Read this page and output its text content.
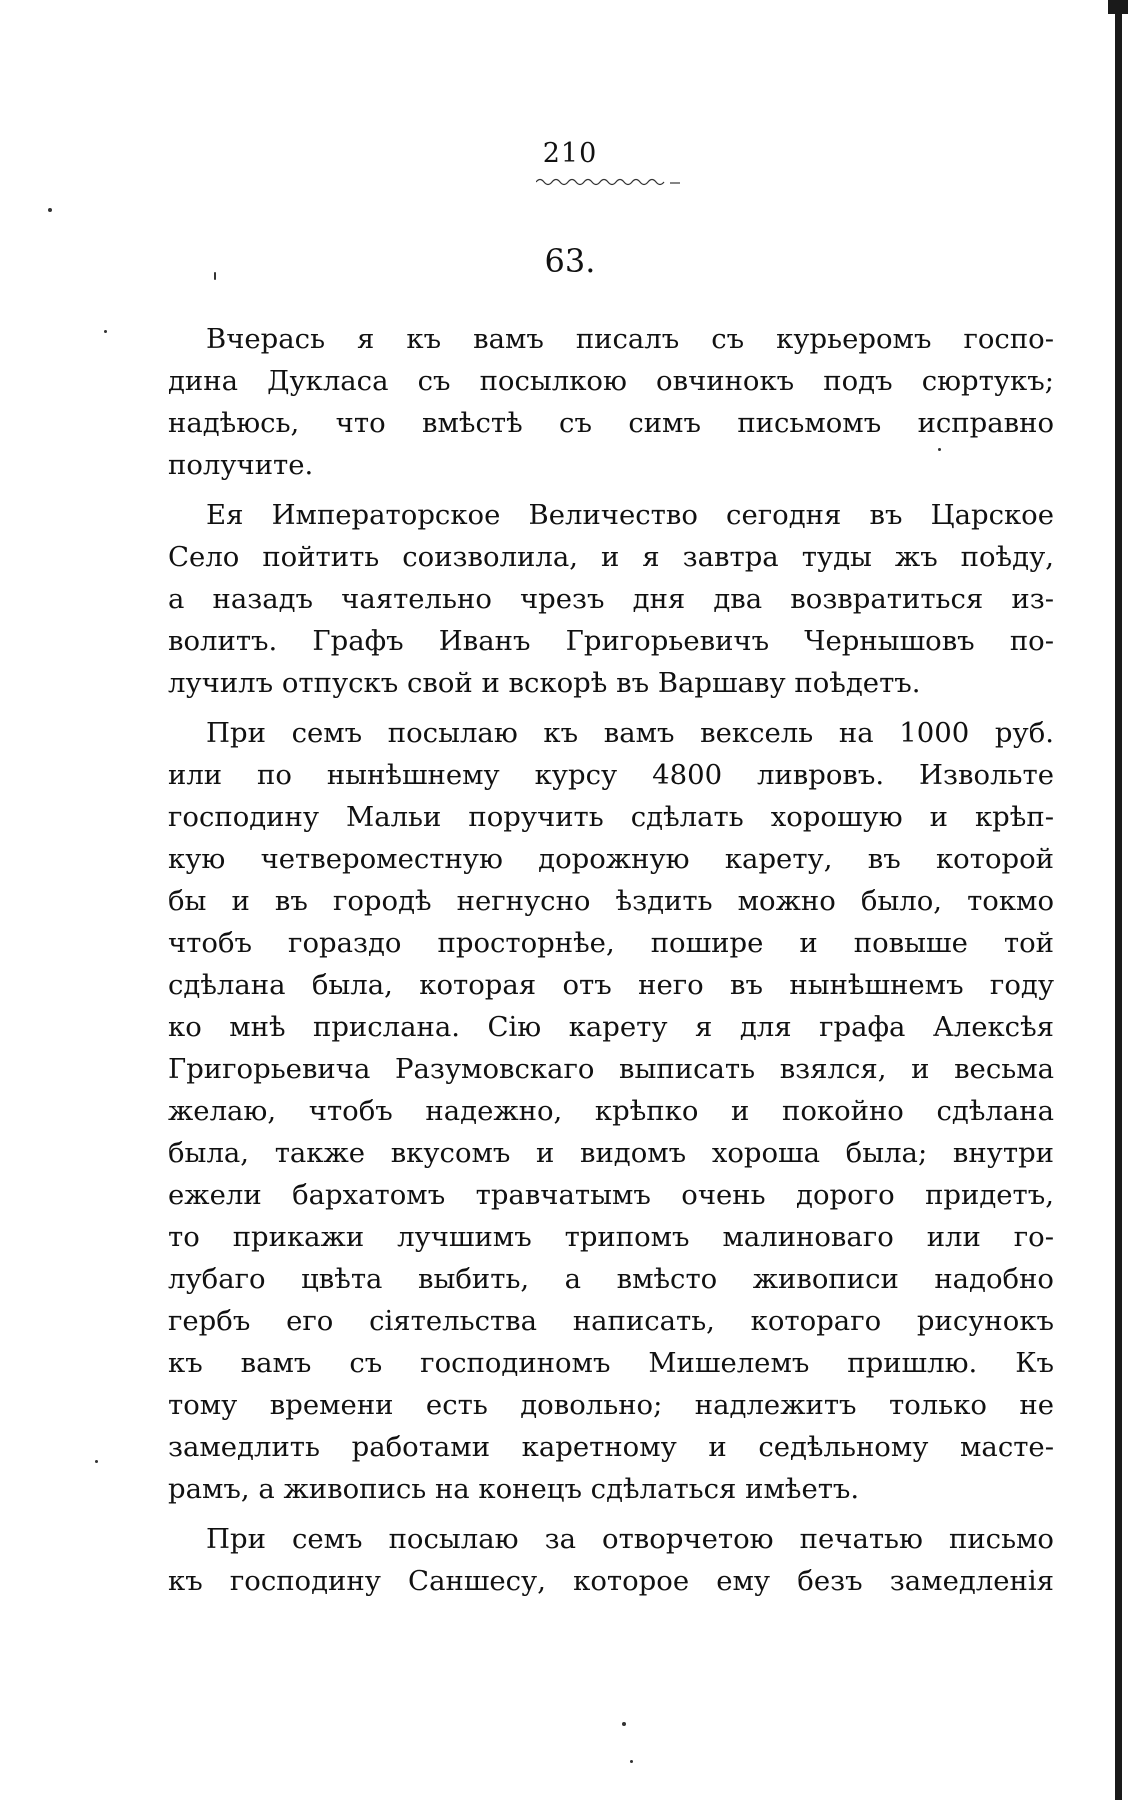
210
63.
Вчерась я къ вамъ писалъ съ курьеромъ госпо-
дина Дукласа съ посылкою овчинокъ подъ сюртукъ;
надѣюсь, что вмѣстѣ съ симъ письмомъ исправно
получите.
Ея Императорское Величество сегодня въ Царское
Село пойтить соизволила, и я завтра туды жъ поѣду,
а назадъ чаятельно чрезъ дня два возвратиться из-
волитъ. Графъ Иванъ Григорьевичъ Чернышовъ по-
лучилъ отпускъ свой и вскорѣ въ Варшаву поѣдетъ.
При семъ посылаю къ вамъ вексель на 1000 руб.
или по нынѣшнему курсу 4800 ливровъ. Извольте
господину Мальи поручить сдѣлать хорошую и крѣп-
кую четвероместную дорожную карету, въ которой
бы и въ городѣ негнусно ѣздить можно было, токмо
чтобъ гораздо просторнѣе, пошире и повыше той
сдѣлана была, которая отъ него въ нынѣшнемъ году
ко мнѣ прислана. Сію карету я для графа Алексѣя
Григорьевича Разумовскаго выписать взялся, и весьма
желаю, чтобъ надежно, крѣпко и покойно сдѣлана
была, также вкусомъ и видомъ хороша была; внутри
ежели бархатомъ травчатымъ очень дорого придетъ,
то прикажи лучшимъ трипомъ малиноваго или го-
лубаго цвѣта выбить, а вмѣсто живописи надобно
гербъ его сіятельства написать, котораго рисунокъ
къ вамъ съ господиномъ Мишелемъ пришлю. Къ
тому времени есть довольно; надлежитъ только не
замедлить работами каретному и седѣльному масте-
рамъ, а живопись на конецъ сдѣлаться имѣетъ.
При семъ посылаю за отворчетою печатью письмо
къ господину Саншесу, которое ему безъ замедленія
